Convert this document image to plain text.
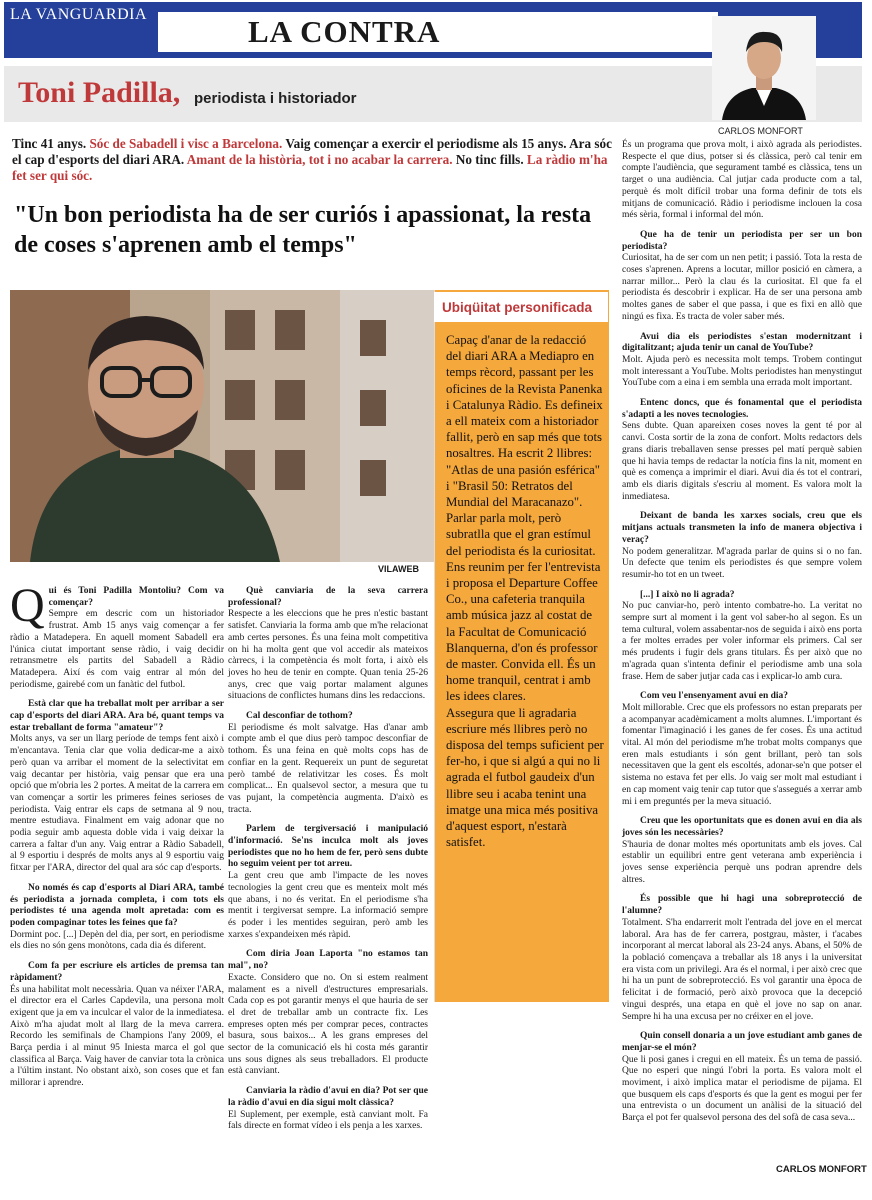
LA VANGUARDIA	LA CONTRA
Toni Padilla, periodista i historiador
CARLOS MONFORT
Tinc 41 anys. Sóc de Sabadell i visc a Barcelona. Vaig començar a exercir el periodisme als 15 anys. Ara sóc el cap d'esports del diari ARA. Amant de la història, tot i no acabar la carrera. No tinc fills. La ràdio m'ha fet ser qui sóc.
"Un bon periodista ha de ser curiós i apassionat, la resta de coses s'aprenen amb el temps"
VILAWEB
Ubiqüitat personificada

Capaç d'anar de la redacció del diari ARA a Mediapro en temps rècord, passant per les oficines de la Revista Panenka i Catalunya Ràdio. Es defineix a ell mateix com a historiador fallit, però en sap més que tots nosaltres. Ha escrit 2 llibres: "Atlas de una pasión esférica" i "Brasil 50: Retratos del Mundial del Maracanazo". Parlar parla molt, però subratlla que el gran estímul del periodista és la curiositat. Ens reunim per fer l'entrevista i proposa el Departure Coffee Co., una cafeteria tranquila amb música jazz al costat de la Facultat de Comunicació Blanquerna, d'on és professor de master. Convida ell. És un home tranquil, centrat i amb les idees clares.

Assegura que li agradaria escriure més llibres però no disposa del temps suficient per fer-ho, i que si algú a qui no li agrada el futbol gaudeix d'un llibre seu i acaba tenint una imatge una mica més positiva d'aquest esport, n'estarà satisfet.

Qui és Toni Padilla Montoliu? Com va començar?

Sempre em descric com un historiador frustrat. Amb 15 anys vaig començar a fer ràdio a Matadepera. En aquell moment Sabadell era l'única ciutat important sense ràdio, i vaig decidir retransmetre els partits del Sabadell a Ràdio Matadepera. Així és com vaig entrar al món del periodisme, gairebé com un fanàtic del futbol.

Està clar que ha treballat molt per arribar a ser cap d'esports del diari ARA. Ara bé, quant temps va estar treballant de forma "amateur"?

Molts anys, va ser un llarg període de temps fent això i m'encantava. Tenia clar que volia dedicar-me a això però quan va arribar el moment de la selectivitat em vaig decantar per història, vaig pensar que era una opció que m'obria les 2 portes. A meitat de la carrera em van començar a sortir les primeres feines serioses de periodista. Vaig entrar els caps de setmana al 9 nou, mentre estudiava. Finalment em vaig adonar que no podia seguir amb aquesta doble vida i vaig deixar la carrera a faltar d'un any. Vaig entrar a Ràdio Sabadell, al 9 esportiu i després de molts anys al 9 esportiu vaig fitxar per l'ARA, director del qual ara sóc cap d'esports.

No només és cap d'esports al Diari ARA, també és periodista a jornada completa, i com tots els periodistes té una agenda molt apretada: com es poden compaginar totes les feines que fa?

Dormint poc. [...] Depèn del dia, per sort, en periodisme els dies no són gens monòtons, cada dia és diferent.

Com fa per escriure els articles de premsa tan ràpidament?

És una habilitat molt necessària. Quan va néixer l'ARA, el director era el Carles Capdevila, una persona molt exigent que ja em va inculcar el valor de la inmediatesa. Això m'ha ajudat molt al llarg de la meva carrera. Recordo les semifinals de Champions l'any 2009, el Barça perdia i al minut 95 Iniesta marca el gol que classifica al Barça. Vaig haver de canviar tota la crònica a l'últim instant. No obstant això, son coses que et fan millorar i aprendre.

Què canviaria de la seva carrera professional?

Respecte a les eleccions que he pres n'estic bastant satisfet. Canviaria la forma amb que m'he relacionat amb certes persones. És una feina molt competitiva on hi ha molta gent que vol accedir als mateixos càrrecs, i la competència és molt forta, i això els joves ho heu de tenir en compte. Quan tenia 25-26 anys, crec que vaig portar malament algunes situacions de conflictes humans dins les redaccions.

Cal desconfiar de tothom?

El periodisme és molt salvatge. Has d'anar amb compte amb el que dius però tampoc desconfiar de tothom. És una feina en què molts cops has de confiar en la gent. Requereix un punt de seguretat però també de relativitzar les coses. És molt complicat... En qualsevol sector, a mesura que tu vas pujant, la competència augmenta. D'això es tracta.

Parlem de tergiversació i manipulació d'informació. Se'ns inculca molt als joves periodistes que no ho hem de fer, però sens dubte ho seguim veient per tot arreu.

La gent creu que amb l'impacte de les noves tecnologies la gent creu que es menteix molt més que abans, i no és veritat. En el periodisme s'ha mentit i tergiversat sempre. La informació sempre és poder i les mentides seguiran, però amb les xarxes s'expandeixen més ràpid.

Com diria Joan Laporta "no estamos tan mal", no?

Exacte. Considero que no. On si estem realment malament es a nivell d'estructures empresarials. Cada cop es pot garantir menys el que hauria de ser el dret de treballar amb un contracte fix. Les empreses opten més per comprar peces, contractes basura, sous baixos... A les grans empreses del sector de la comunicació els hi costa més garantir uns sous dignes als seus treballadors. El producte està canviant.

Canviaria la ràdio d'avui en dia? Pot ser que la ràdio d'avui en dia sigui molt clàssica?

El Suplement, per exemple, està canviant molt. Fa fals directe en format vídeo i els penja a les xarxes.

És un programa que prova molt, i això agrada als periodistes. Respecte el que dius, potser si és clàssica, però cal tenir em compte l'audiència, que segurament també es clàssica, tens un target o una audiència. Cal jutjar cada producte com a tal, perquè és molt difícil trobar una forma definir de tots els mitjans de comunicació. Ràdio i periodisme inclouen la cosa més sèria, formal i informal del món.

Que ha de tenir un periodista per ser un bon periodista?

Curiositat, ha de ser com un nen petit; i passió. Tota la resta de coses s'aprenen. Aprens a locutar, millor posició en càmera, a narrar millor... Però la clau és la curiositat. El que fa el periodista és descobrir i explicar. Ha de ser una persona amb moltes ganes de saber el que passa, i que es fixi en allò que ningú es fixa. Es tracta de voler saber més.

Avui dia els periodistes s'estan modernitzant i digitalitzant; ajuda tenir un canal de YouTube?

Molt. Ajuda però es necessita molt temps. Trobem contingut molt interessant a YouTube. Molts periodistes han menystingut YouTube com a eina i em sembla una errada molt important.

Entenc doncs, que és fonamental que el periodista s'adapti a les noves tecnologies.

Sens dubte. Quan apareixen coses noves la gent té por al canvi. Costa sortir de la zona de confort. Molts redactors dels grans diaris treballaven sense presses pel matí perquè sabien que hi havia temps de redactar la notícia fins la nit, moment en què es comença a imprimir el diari. Avui dia és tot el contrari, amb els diaris digitals s'escriu al moment. Es valora molt la inmediatesa.

Deixant de banda les xarxes socials, creu que els mitjans actuals transmeten la info de manera objectiva i veraç?

No podem generalitzar. M'agrada parlar de quins si o no fan. Un defecte que tenim els periodistes és que sempre volem resumir-ho tot en un tweet.

[...] I això no li agrada?

No puc canviar-ho, però intento combatre-ho. La veritat no sempre surt al moment i la gent vol saber-ho al segon. Es un tema cultural, volem assabentar-nos de seguida i això ens porta a fer moltes errades per voler informar els primers. Cal ser més prudents i fugir dels grans titulars. És per això que no m'agrada quan s'intenta definir el periodisme amb una sola frase. Hem de saber jutjar cada cas i explicar-lo amb cura.

Com veu l'ensenyament avui en dia?

Molt millorable. Crec que els professors no estan preparats per a acompanyar acadèmicament a molts alumnes. L'important és fomentar l'imaginació i les ganes de fer coses. És una actitud vital. Al món del periodisme m'he trobat molts companys que eren mals estudiants i són gent brillant, però tan sols necessitaven que la gent els escoltés, adonar-se'n que potser el sistema no estava fet per ells. Jo vaig ser molt mal estudiant i en cap moment vaig tenir cap tutor que s'assegués a xerrar amb mi i em preguntés per la meva situació.

Creu que les oportunitats que es donen avui en dia als joves són les necessàries?

S'hauria de donar moltes més oportunitats amb els joves. Cal establir un equilibri entre gent veterana amb experiència i joves sense experiència perquè uns podran aprendre dels altres.

És possible que hi hagi una sobreprotecció de l'alumne?

Totalment. S'ha endarrerit molt l'entrada del jove en el mercat laboral. Ara has de fer carrera, postgrau, màster, i t'acabes incorporant al mercat laboral als 23-24 anys. Abans, el 50% de la població començava a treballar als 18 anys i la universitat era vista com un privilegi. Ara és el normal, i per això crec que hi ha un punt de sobreprotecció. Es vol garantir una època de felicitat i de formació, però això provoca que la decepció vingui després, una etapa en què el jove no sap on anar. Sempre hi ha una excusa per no créixer en el jove.

Quin consell donaria a un jove estudiant amb ganes de menjar-se el món?

Que li posi ganes i cregui en ell mateix. És un tema de passió. Que no esperi que ningú l'obri la porta. Es valora molt el moviment, i això implica matar el periodisme de pijama. El que busquem els caps d'esports és que la gent es mogui per fer una entrevista o un document un anàlisi de la situació del Barça el pot fer qualsevol persona des del sofà de casa seva...

CARLOS MONFORT
